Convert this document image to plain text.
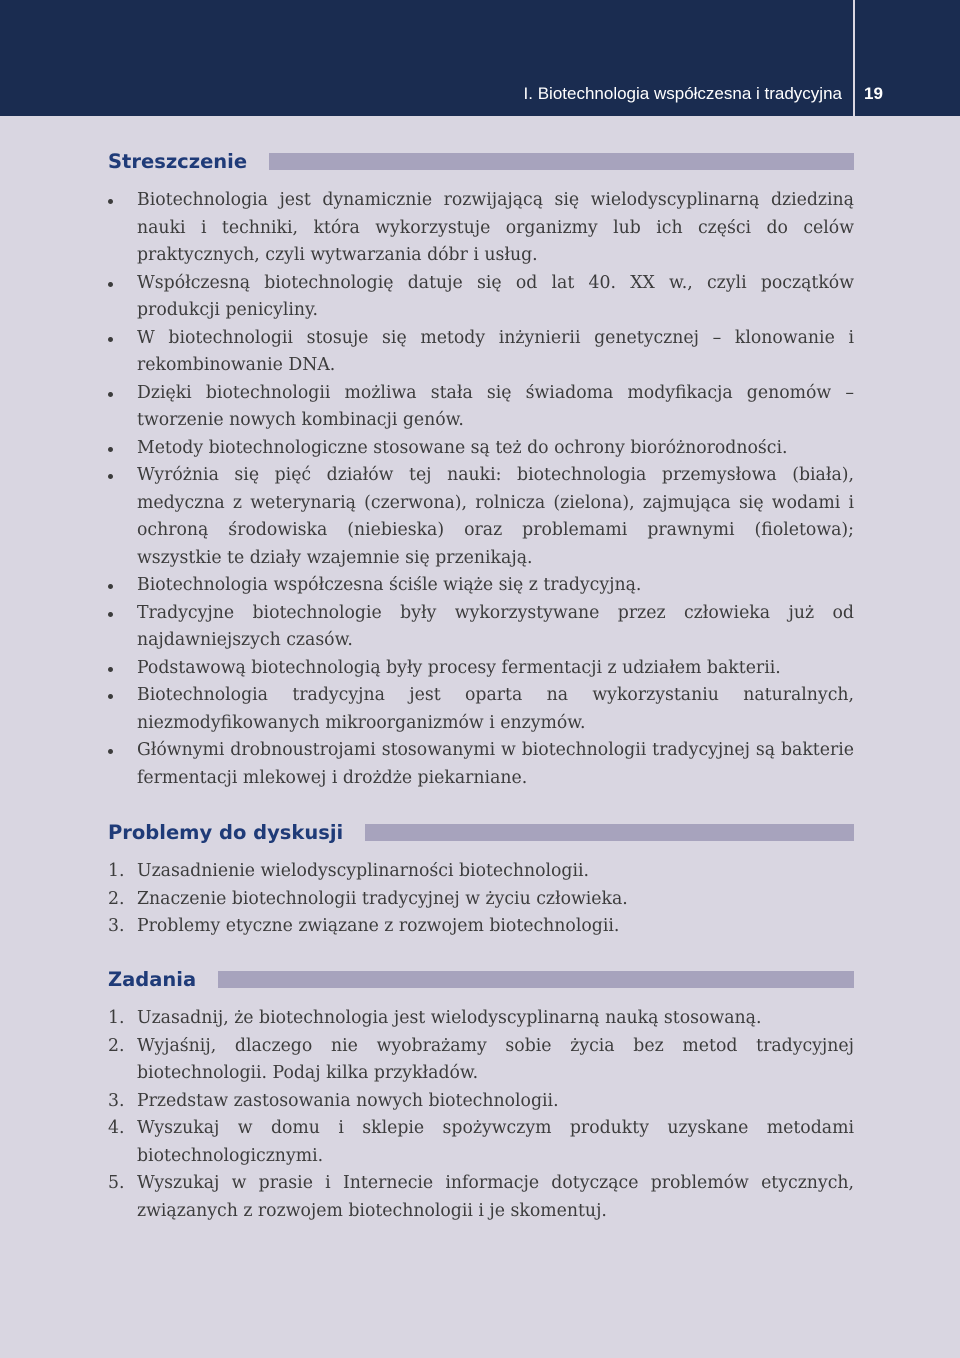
I. Biotechnologia współczesna i tradycyjna 19
Streszczenie
Biotechnologia jest dynamicznie rozwijającą się wielodyscyplinarną dziedziną nauki i techniki, która wykorzystuje organizmy lub ich części do celów praktycznych, czyli wytwarzania dóbr i usług.
Współczesną biotechnologię datuje się od lat 40. XX w., czyli początków produkcji penicyliny.
W biotechnologii stosuje się metody inżynierii genetycznej – klonowanie i rekombinowanie DNA.
Dzięki biotechnologii możliwa stała się świadoma modyfikacja genomów – tworzenie nowych kombinacji genów.
Metody biotechnologiczne stosowane są też do ochrony bioróżnorodności.
Wyróżnia się pięć działów tej nauki: biotechnologia przemysłowa (biała), medyczna z weterynarią (czerwona), rolnicza (zielona), zajmująca się wodami i ochroną środowiska (niebieska) oraz problemami prawnymi (fioletowa); wszystkie te działy wzajemnie się przenikają.
Biotechnologia współczesna ściśle wiąże się z tradycyjną.
Tradycyjne biotechnologie były wykorzystywane przez człowieka już od najdawniejszych czasów.
Podstawową biotechnologią były procesy fermentacji z udziałem bakterii.
Biotechnologia tradycyjna jest oparta na wykorzystaniu naturalnych, niezmodyfikowanych mikroorganizmów i enzymów.
Głównymi drobnoustrojami stosowanymi w biotechnologii tradycyjnej są bakterie fermentacji mlekowej i drożdże piekarniane.
Problemy do dyskusji
1. Uzasadnienie wielodyscyplinarności biotechnologii.
2. Znaczenie biotechnologii tradycyjnej w życiu człowieka.
3. Problemy etyczne związane z rozwojem biotechnologii.
Zadania
1. Uzasadnij, że biotechnologia jest wielodyscyplinarną nauką stosowaną.
2. Wyjaśnij, dlaczego nie wyobrażamy sobie życia bez metod tradycyjnej biotechnologii. Podaj kilka przykładów.
3. Przedstaw zastosowania nowych biotechnologii.
4. Wyszukaj w domu i sklepie spożywczym produkty uzyskane metodami biotechnologicznymi.
5. Wyszukaj w prasie i Internecie informacje dotyczące problemów etycznych, związanych z rozwojem biotechnologii i je skomentuj.
